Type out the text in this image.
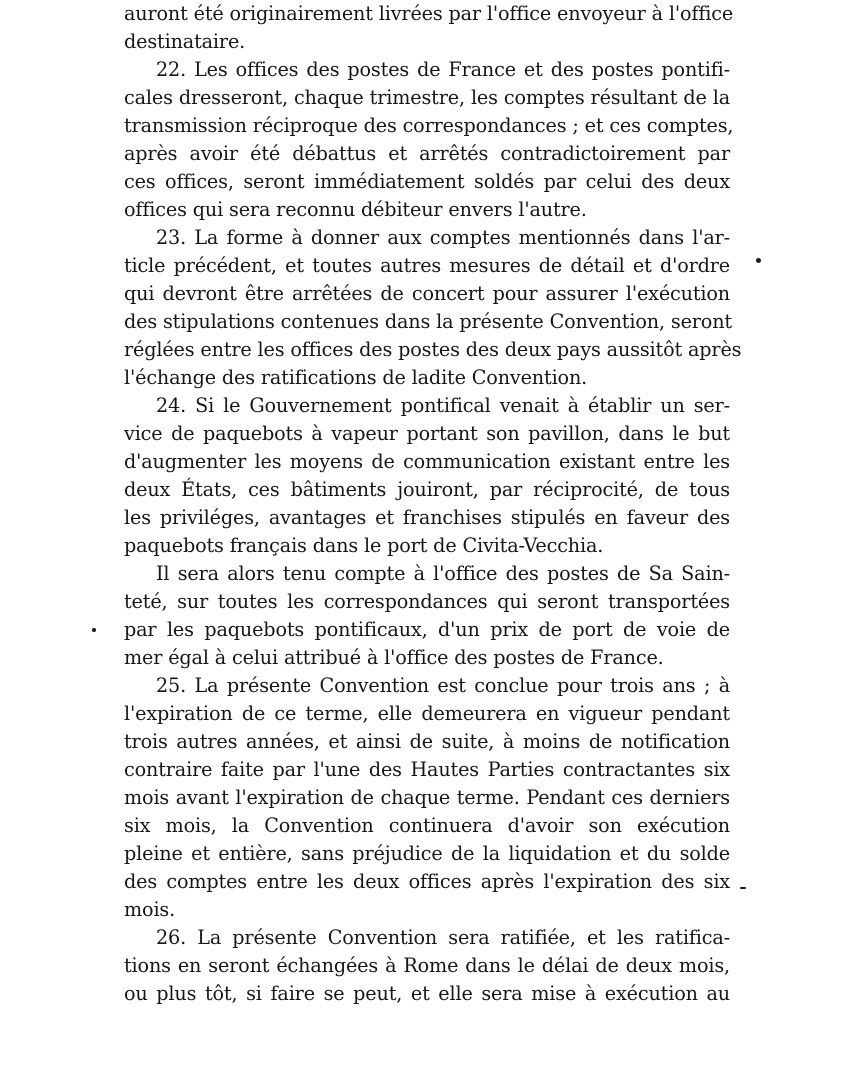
auront été originairement livrées par l'office envoyeur à l'office
destinataire.
22. Les offices des postes de France et des postes pontifi-
cales dresseront, chaque trimestre, les comptes résultant de la
transmission réciproque des correspondances ; et ces comptes,
après avoir été débattus et arrêtés contradictoirement par
ces offices, seront immédiatement soldés par celui des deux
offices qui sera reconnu débiteur envers l'autre.
23. La forme à donner aux comptes mentionnés dans l'ar-
ticle précédent, et toutes autres mesures de détail et d'ordre
qui devront être arrêtées de concert pour assurer l'exécution
des stipulations contenues dans la présente Convention, seront
réglées entre les offices des postes des deux pays aussitôt après
l'échange des ratifications de ladite Convention.
24. Si le Gouvernement pontifical venait à établir un ser-
vice de paquebots à vapeur portant son pavillon, dans le but
d'augmenter les moyens de communication existant entre les
deux États, ces bâtiments jouiront, par réciprocité, de tous
les priviléges, avantages et franchises stipulés en faveur des
paquebots français dans le port de Civita-Vecchia.
Il sera alors tenu compte à l'office des postes de Sa Sain-
teté, sur toutes les correspondances qui seront transportées
par les paquebots pontificaux, d'un prix de port de voie de
mer égal à celui attribué à l'office des postes de France.
25. La présente Convention est conclue pour trois ans ; à
l'expiration de ce terme, elle demeurera en vigueur pendant
trois autres années, et ainsi de suite, à moins de notification
contraire faite par l'une des Hautes Parties contractantes six
mois avant l'expiration de chaque terme. Pendant ces derniers
six mois, la Convention continuera d'avoir son exécution
pleine et entière, sans préjudice de la liquidation et du solde
des comptes entre les deux offices après l'expiration des six
mois.
26. La présente Convention sera ratifiée, et les ratifica-
tions en seront échangées à Rome dans le délai de deux mois,
ou plus tôt, si faire se peut, et elle sera mise à exécution au
